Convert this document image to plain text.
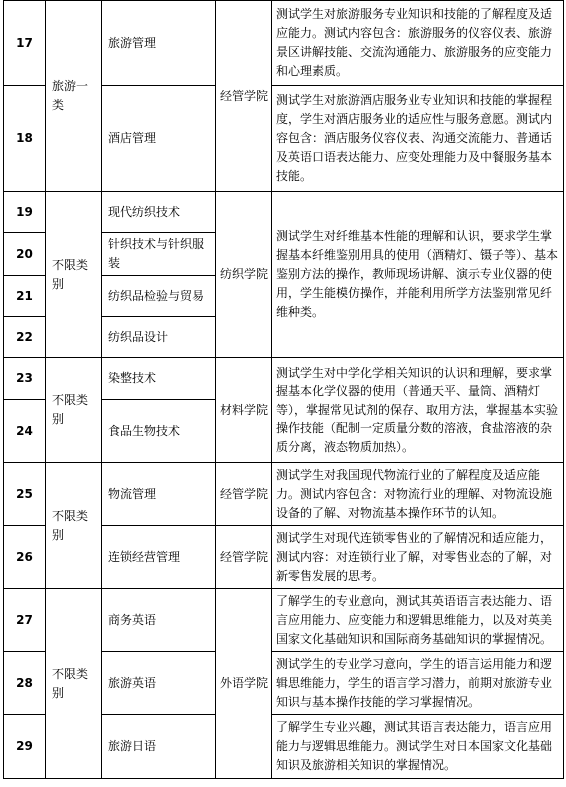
17	旅游一类	旅游管理	经管学院	测试学生对旅游服务专业知识和技能的了解程度及适应能力。测试内容包含：旅游服务的仪容仪表、旅游景区讲解技能、交流沟通能力、旅游服务的应变能力和心理素质。
18		酒店管理		测试学生对旅游酒店服务业专业知识和技能的掌握程度，学生对酒店服务业的适应性与服务意愿。测试内容包含：酒店服务仪容仪表、沟通交流能力、普通话及英语口语表达能力、应变处理能力及中餐服务基本技能。
19	不限类别	现代纺织技术	纺织学院	测试学生对纤维基本性能的理解和认识，要求学生掌握基本纤维鉴别用具的使用（酒精灯、镊子等）、基本鉴别方法的操作，教师现场讲解、演示专业仪器的使用，学生能模仿操作，并能利用所学方法鉴别常见纤维种类。
20		针织技术与针织服装		
21		纺织品检验与贸易		
22		纺织品设计		
23	不限类别	染整技术	材料学院	测试学生对中学化学相关知识的认识和理解，要求掌握基本化学仪器的使用（普通天平、量筒、酒精灯等），掌握常见试剂的保存、取用方法，掌握基本实验操作技能（配制一定质量分数的溶液，食盐溶液的杂质分离，液态物质加热）。
24		食品生物技术		
25	不限类别	物流管理	经管学院	测试学生对我国现代物流行业的了解程度及适应能力。测试内容包含：对物流行业的理解、对物流设施设备的了解、对物流基本操作环节的认知。
26		连锁经营管理	经管学院	测试学生对现代连锁零售业的了解情况和适应能力，测试内容：对连锁行业了解，对零售业态的了解，对新零售发展的思考。
27	不限类别	商务英语	外语学院	了解学生的专业意向，测试其英语语言表达能力、语言应用能力、应变能力和逻辑思维能力，以及对英美国家文化基础知识和国际商务基础知识的掌握情况。
28		旅游英语		测试学生的专业学习意向，学生的语言运用能力和逻辑思维能力，学生的语言学习潜力，前期对旅游专业知识与基本操作技能的学习掌握情况。
29		旅游日语		了解学生专业兴趣，测试其语言表达能力，语言应用能力与逻辑思维能力。测试学生对日本国家文化基础知识及旅游相关知识的掌握情况。
